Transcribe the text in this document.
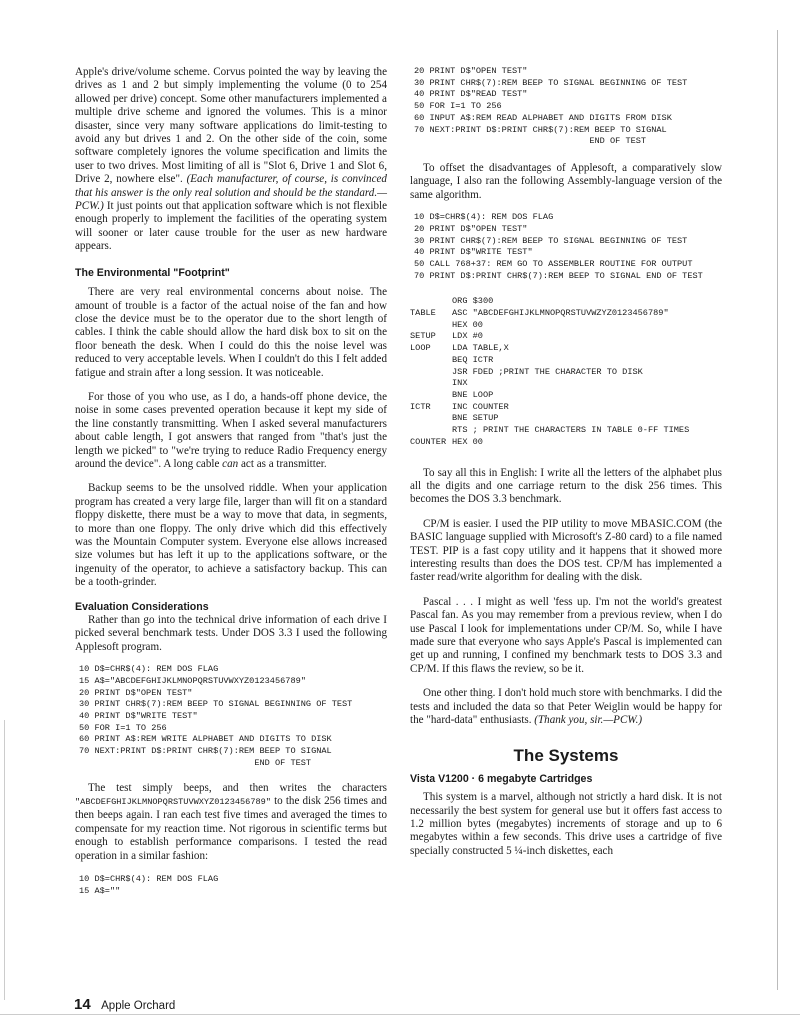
Apple's drive/volume scheme. Corvus pointed the way by leaving the drives as 1 and 2 but simply implementing the volume (0 to 254 allowed per drive) concept. Some other manufacturers implemented a multiple drive scheme and ignored the volumes. This is a minor disaster, since very many software applications do limit-testing to avoid any but drives 1 and 2. On the other side of the coin, some software completely ignores the volume specification and limits the user to two drives. Most limiting of all is "Slot 6, Drive 1 and Slot 6, Drive 2, nowhere else". (Each manufacturer, of course, is convinced that his answer is the only real solution and should be the standard.—PCW.) It just points out that application software which is not flexible enough properly to implement the facilities of the operating system will sooner or later cause trouble for the user as new hardware appears.

The Environmental "Footprint"

There are very real environmental concerns about noise. The amount of trouble is a factor of the actual noise of the fan and how close the device must be to the operator due to the short length of cables. I think the cable should allow the hard disk box to sit on the floor beneath the desk. When I could do this the noise level was reduced to very acceptable levels. When I couldn't do this I felt added fatigue and strain after a long session. It was noticeable.

For those of you who use, as I do, a hands-off phone device, the noise in some cases prevented operation because it kept my side of the line constantly transmitting. When I asked several manufacturers about cable length, I got answers that ranged from "that's just the length we picked" to "we're trying to reduce Radio Frequency energy around the device". A long cable can act as a transmitter.

Backup seems to be the unsolved riddle. When your application program has created a very large file, larger than will fit on a standard floppy diskette, there must be a way to move that data, in segments, to more than one floppy. The only drive which did this effectively was the Mountain Computer system. Everyone else allows increased size volumes but has left it up to the applications software, or the ingenuity of the operator, to achieve a satisfactory backup. This can be a tooth-grinder.

Evaluation Considerations

Rather than go into the technical drive information of each drive I picked several benchmark tests. Under DOS 3.3 I used the following Applesoft program.

10 D$=CHR$(4): REM DOS FLAG
15 A$="ABCDEFGHIJKLMNOPQRSTUVWXYZ0123456789"
20 PRINT D$"OPEN TEST"
30 PRINT CHR$(7):REM BEEP TO SIGNAL BEGINNING OF TEST
40 PRINT D$"WRITE TEST"
50 FOR I=1 TO 256
60 PRINT A$:REM WRITE ALPHABET AND DIGITS TO DISK
70 NEXT:PRINT D$:PRINT CHR$(7):REM BEEP TO SIGNAL
END OF TEST

The test simply beeps, and then writes the characters "ABCDEFGHIJKLMNOPQRSTUVWXYZ0123456789" to the disk 256 times and then beeps again. I ran each test five times and averaged the times to compensate for my reaction time. Not rigorous in scientific terms but enough to establish performance comparisons. I tested the read operation in a similar fashion:

10 D$=CHR$(4): REM DOS FLAG
15 A$=""
20 PRINT D$"OPEN TEST"
30 PRINT CHR$(7):REM BEEP TO SIGNAL BEGINNING OF TEST
40 PRINT D$"READ TEST"
50 FOR I=1 TO 256
60 INPUT A$:REM READ ALPHABET AND DIGITS FROM DISK
70 NEXT:PRINT D$:PRINT CHR$(7):REM BEEP TO SIGNAL
END OF TEST

To offset the disadvantages of Applesoft, a comparatively slow language, I also ran the following Assembly-language version of the same algorithm.

10 D$=CHR$(4): REM DOS FLAG
20 PRINT D$"OPEN TEST"
30 PRINT CHR$(7):REM BEEP TO SIGNAL BEGINNING OF TEST
40 PRINT D$"WRITE TEST"
50 CALL 768+37: REM GO TO ASSEMBLER ROUTINE FOR OUTPUT
70 PRINT D$:PRINT CHR$(7):REM BEEP TO SIGNAL END OF TEST
ORG $300
TABLE	ASC "ABCDEFGHIJKLMNOPQRSTUVWZYZ0123456789"
HEX 00
SETUP	LDX #0
LOOP	LDA TABLE,X
BEQ ICTR
JSR FDED ;PRINT THE CHARACTER TO DISK
INX
BNE LOOP
ICTR	INC COUNTER
BNE SETUP
RTS ; PRINT THE CHARACTERS IN TABLE 0-FF TIMES
COUNTER HEX 00

To say all this in English: I write all the letters of the alphabet plus all the digits and one carriage return to the disk 256 times. This becomes the DOS 3.3 benchmark.

CP/M is easier. I used the PIP utility to move MBASIC.COM (the BASIC language supplied with Microsoft's Z-80 card) to a file named TEST. PIP is a fast copy utility and it happens that it showed more interesting results than does the DOS test. CP/M has implemented a faster read/write algorithm for dealing with the disk.

Pascal . . . I might as well 'fess up. I'm not the world's greatest Pascal fan. As you may remember from a previous review, when I do use Pascal I look for implementations under CP/M. So, while I have made sure that everyone who says Apple's Pascal is implemented can get up and running, I confined my benchmark tests to DOS 3.3 and CP/M. If this flaws the review, so be it.

One other thing. I don't hold much store with benchmarks. I did the tests and included the data so that Peter Weiglin would be happy for the "hard-data" enthusiasts. (Thank you, sir.—PCW.)

The Systems

Vista V1200 · 6 megabyte Cartridges

This system is a marvel, although not strictly a hard disk. It is not necessarily the best system for general use but it offers fast access to 1.2 million bytes (megabytes) increments of storage and up to 6 megabytes within a few seconds. This drive uses a cartridge of five specially constructed 5 ¼-inch diskettes, each

14 Apple Orchard
